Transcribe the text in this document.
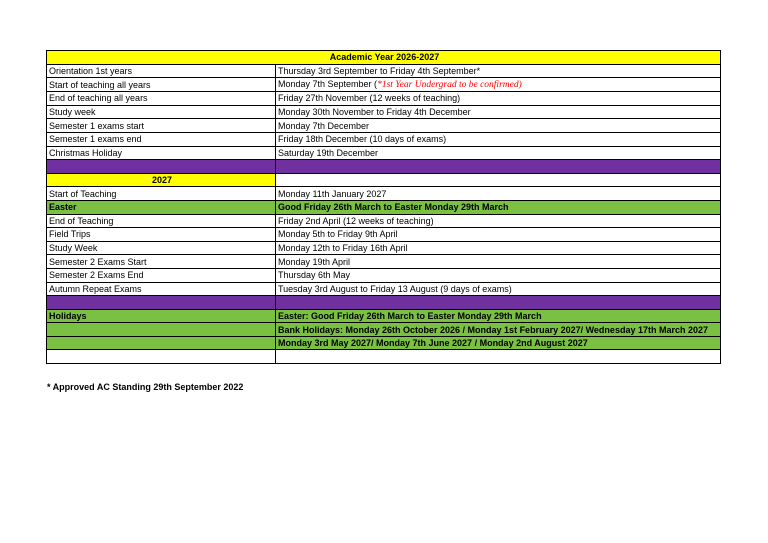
Academic Year 2026-2027	
Orientation 1st years	Thursday 3rd September to Friday 4th September*
Start of teaching all years	Monday 7th September (*1st Year Undergrad to be confirmed)
End of teaching all years	Friday 27th November (12 weeks of teaching)
Study week	Monday 30th November to Friday 4th December
Semester 1 exams start	Monday 7th December
Semester 1 exams end	Friday 18th December (10 days of exams)
Christmas Holiday	Saturday 19th December

2027	
Start of Teaching	Monday 11th January 2027
Easter	Good Friday 26th March to Easter Monday 29th March
End of Teaching	Friday 2nd April (12 weeks of teaching)
Field Trips	Monday 5th to Friday 9th April
Study Week	Monday 12th to Friday 16th April
Semester 2 Exams Start	Monday 19th April
Semester 2 Exams End	Thursday 6th May
Autumn Repeat Exams	Tuesday 3rd August to Friday 13 August (9 days of exams)

Holidays	Easter: Good Friday 26th March to Easter Monday 29th March
	Bank Holidays: Monday 26th October 2026 / Monday 1st February 2027/ Wednesday 17th March 2027
	Monday 3rd May 2027/ Monday 7th June 2027 / Monday 2nd August 2027

* Approved AC Standing 29th September 2022
